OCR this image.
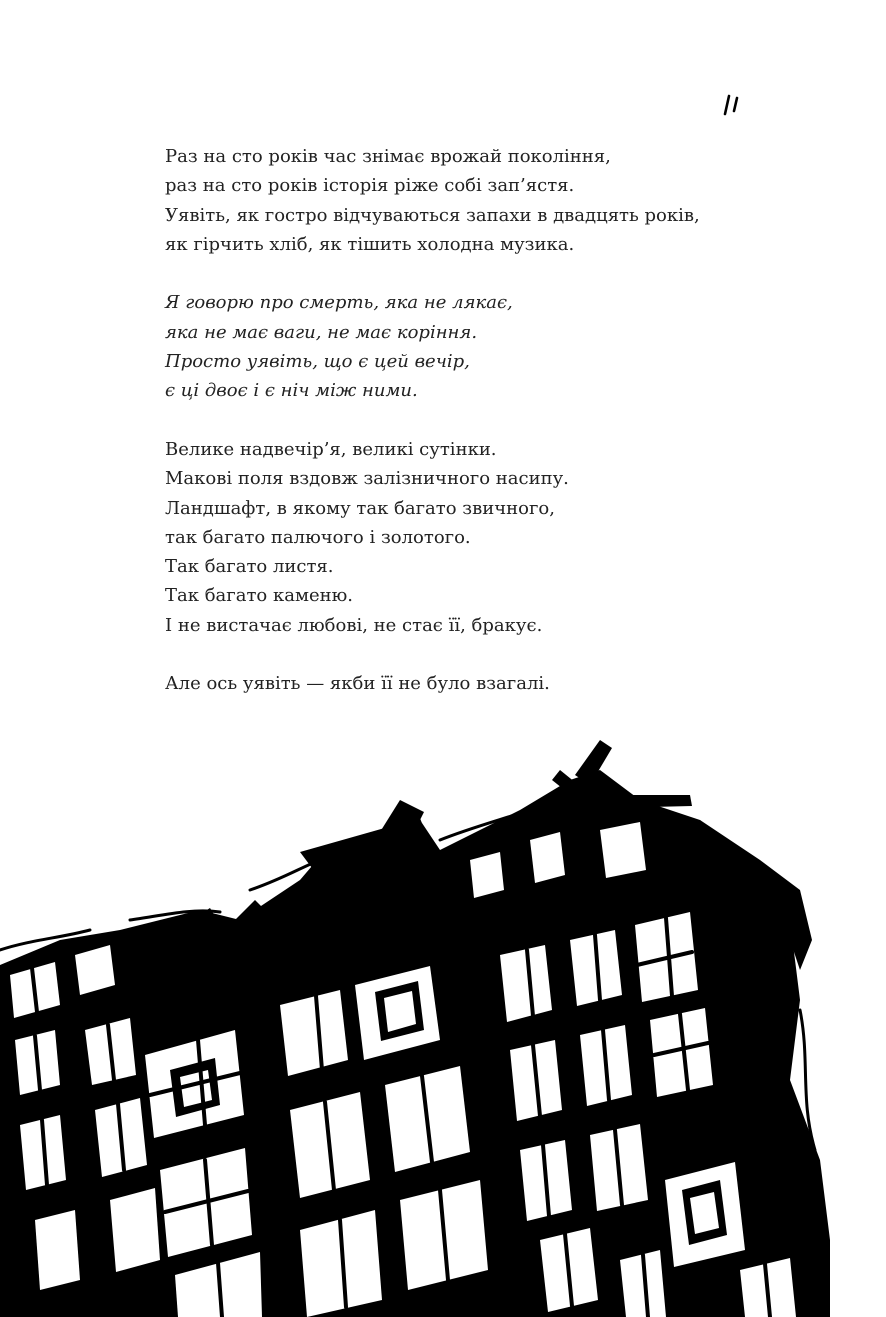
Раз на сто років час знімає врожай покоління,
раз на сто років історія ріже собі зап’ястя.
Уявіть, як гостро відчуваються запахи в двадцять років,
як гірчить хліб, як тішить холодна музика.
Я говорю про смерть, яка не лякає,
яка не має ваги, не має коріння.
Просто уявіть, що є цей вечір,
є ці двоє і є ніч між ними.
Велике надвечір’я, великі сутінки.
Макові поля вздовж залізничного насипу.
Ландшафт, в якому так багато звичного,
так багато палючого і золотого.
Так багато листя.
Так багато каменю.
І не вистачає любові, не стає її, бракує.
Але ось уявіть — якби її не було взагалі.
